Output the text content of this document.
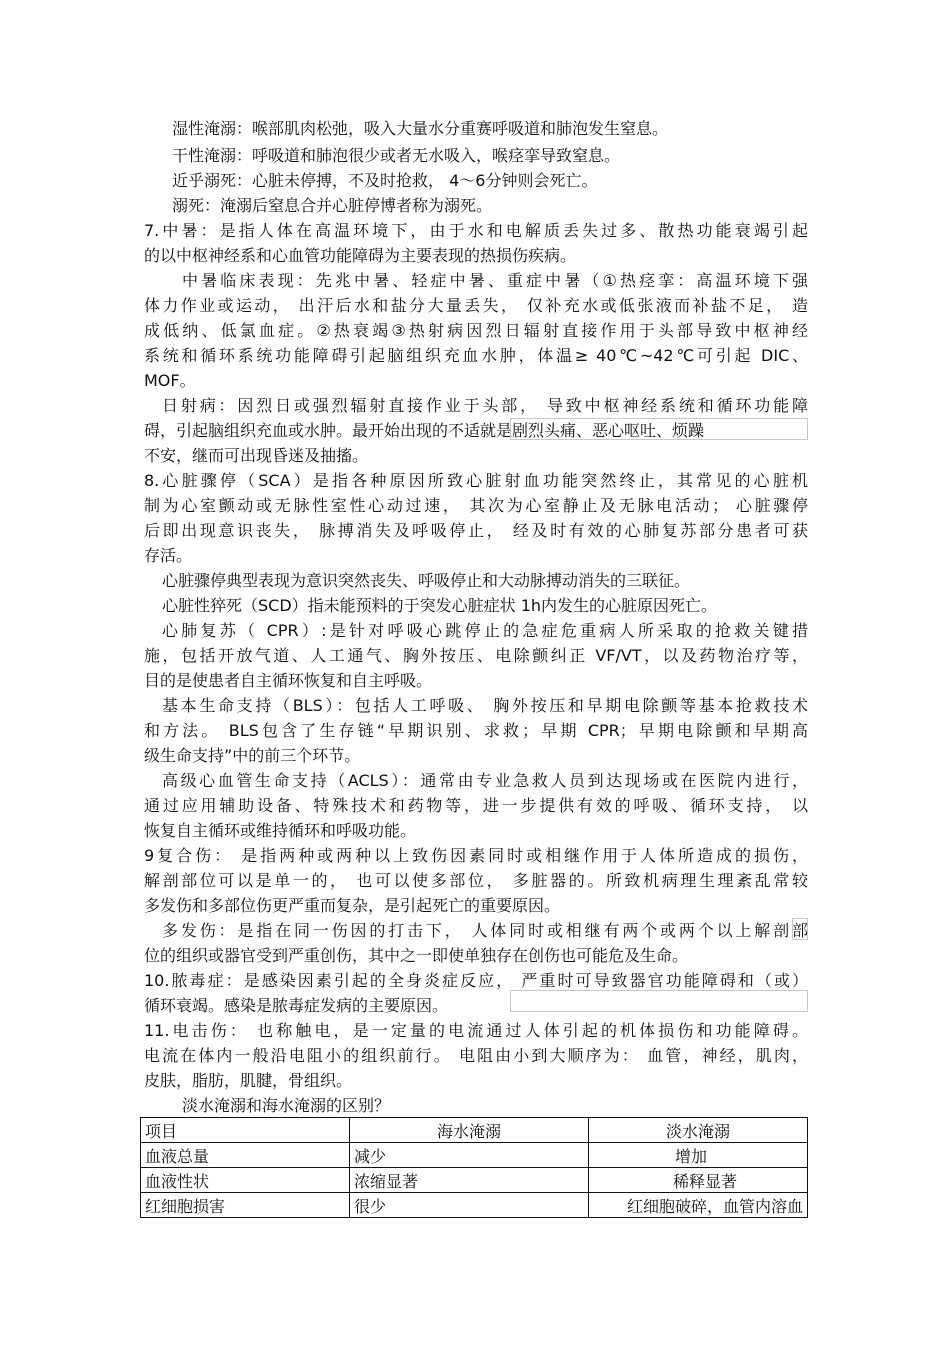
湿性淹溺：喉部肌肉松弛，吸入大量水分重赛呼吸道和肺泡发生窒息。
干性淹溺：呼吸道和肺泡很少或者无水吸入，喉痉挛导致窒息。
近乎溺死：心脏未停搏，不及时抢救， 4～6分钟则会死亡。
溺死：淹溺后窒息合并心脏停博者称为溺死。
7.中暑：是指人体在高温环境下，由于水和电解质丢失过多、散热功能衰竭引起
的以中枢神经系和心血管功能障碍为主要表现的热损伤疾病。
中暑临床表现：先兆中暑、轻症中暑、重症中暑（①热痉挛：高温环境下强
体力作业或运动， 出汗后水和盐分大量丢失， 仅补充水或低张液而补盐不足， 造
成低纳、低氯血症。②热衰竭③热射病因烈日辐射直接作用于头部导致中枢神经
系统和循环系统功能障碍引起脑组织充血水肿，体温≥ 40℃~42℃可引起 DIC、
MOF。
日射病：因烈日或强烈辐射直接作业于头部， 导致中枢神经系统和循环功能障
碍，引起脑组织充血或水肿。最开始出现的不适就是剧烈头痛、恶心呕吐、烦躁
不安，继而可出现昏迷及抽搐。
8.心脏骤停（SCA）是指各种原因所致心脏射血功能突然终止，其常见的心脏机
制为心室颤动或无脉性室性心动过速， 其次为心室静止及无脉电活动； 心脏骤停
后即出现意识丧失， 脉搏消失及呼吸停止， 经及时有效的心肺复苏部分患者可获
存活。
心脏骤停典型表现为意识突然丧失、呼吸停止和大动脉搏动消失的三联征。
心脏性猝死（SCD）指未能预料的于突发心脏症状 1h内发生的心脏原因死亡。
心肺复苏（ CPR）:是针对呼吸心跳停止的急症危重病人所采取的抢救关键措
施，包括开放气道、人工通气、胸外按压、电除颤纠正 VF/VT，以及药物治疗等，
目的是使患者自主循环恢复和自主呼吸。
基本生命支持（BLS）：包括人工呼吸、 胸外按压和早期电除颤等基本抢救技术
和方法。 BLS包含了生存链“早期识别、求救；早期 CPR；早期电除颤和早期高
级生命支持”中的前三个环节。
高级心血管生命支持（ACLS）：通常由专业急救人员到达现场或在医院内进行，
通过应用辅助设备、特殊技术和药物等，进一步提供有效的呼吸、循环支持， 以
恢复自主循环或维持循环和呼吸功能。
9复合伤： 是指两种或两种以上致伤因素同时或相继作用于人体所造成的损伤，
解剖部位可以是单一的， 也可以使多部位， 多脏器的。所致机病理生理紊乱常较
多发伤和多部位伤更严重而复杂，是引起死亡的重要原因。
多发伤：是指在同一伤因的打击下， 人体同时或相继有两个或两个以上解剖部
位的组织或器官受到严重创伤，其中之一即使单独存在创伤也可能危及生命。
10.脓毒症：是感染因素引起的全身炎症反应， 严重时可导致器官功能障碍和（或）
循环衰竭。感染是脓毒症发病的主要原因。
11.电击伤： 也称触电，是一定量的电流通过人体引起的机体损伤和功能障碍。
电流在体内一般沿电阻小的组织前行。 电阻由小到大顺序为： 血管，神经，肌肉，
皮肤，脂肪，肌腱，骨组织。
淡水淹溺和海水淹溺的区别？
项目	海水淹溺	淡水淹溺
血液总量	减少	增加
血液性状	浓缩显著	稀释显著
红细胞损害	很少	红细胞破碎，血管内溶血
